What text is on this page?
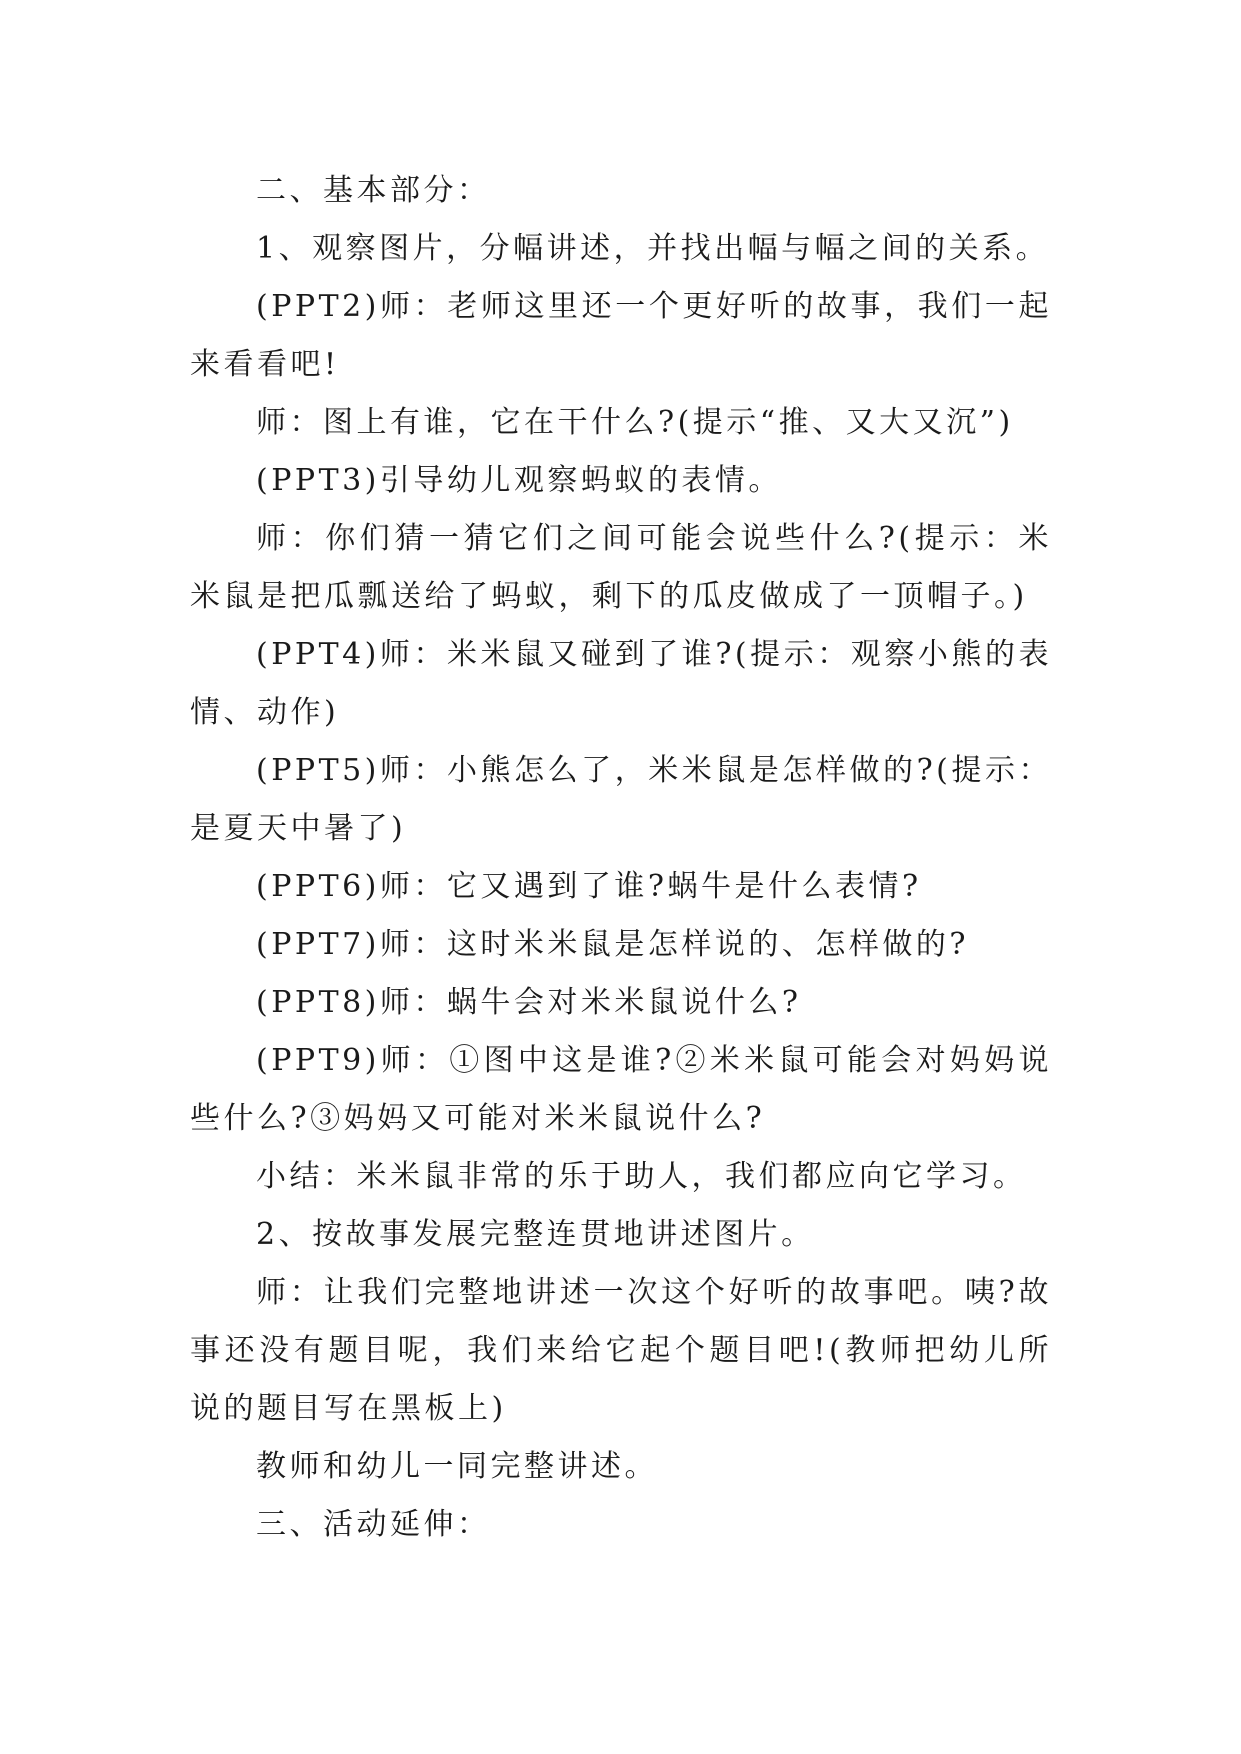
二、基本部分：

1、观察图片，分幅讲述，并找出幅与幅之间的关系。

(PPT2)师：老师这里还一个更好听的故事，我们一起来看看吧!

师：图上有谁，它在干什么?(提示“推、又大又沉”)

(PPT3)引导幼儿观察蚂蚁的表情。

师：你们猜一猜它们之间可能会说些什么?(提示：米米鼠是把瓜瓢送给了蚂蚁，剩下的瓜皮做成了一顶帽子。)

(PPT4)师：米米鼠又碰到了谁?(提示：观察小熊的表情、动作)

(PPT5)师：小熊怎么了，米米鼠是怎样做的?(提示：是夏天中暑了)

(PPT6)师：它又遇到了谁?蜗牛是什么表情?

(PPT7)师：这时米米鼠是怎样说的、怎样做的?

(PPT8)师：蜗牛会对米米鼠说什么?

(PPT9)师：①图中这是谁?②米米鼠可能会对妈妈说些什么?③妈妈又可能对米米鼠说什么?

小结：米米鼠非常的乐于助人，我们都应向它学习。

2、按故事发展完整连贯地讲述图片。

师：让我们完整地讲述一次这个好听的故事吧。咦?故事还没有题目呢，我们来给它起个题目吧!(教师把幼儿所说的题目写在黑板上)

教师和幼儿一同完整讲述。

三、活动延伸：
